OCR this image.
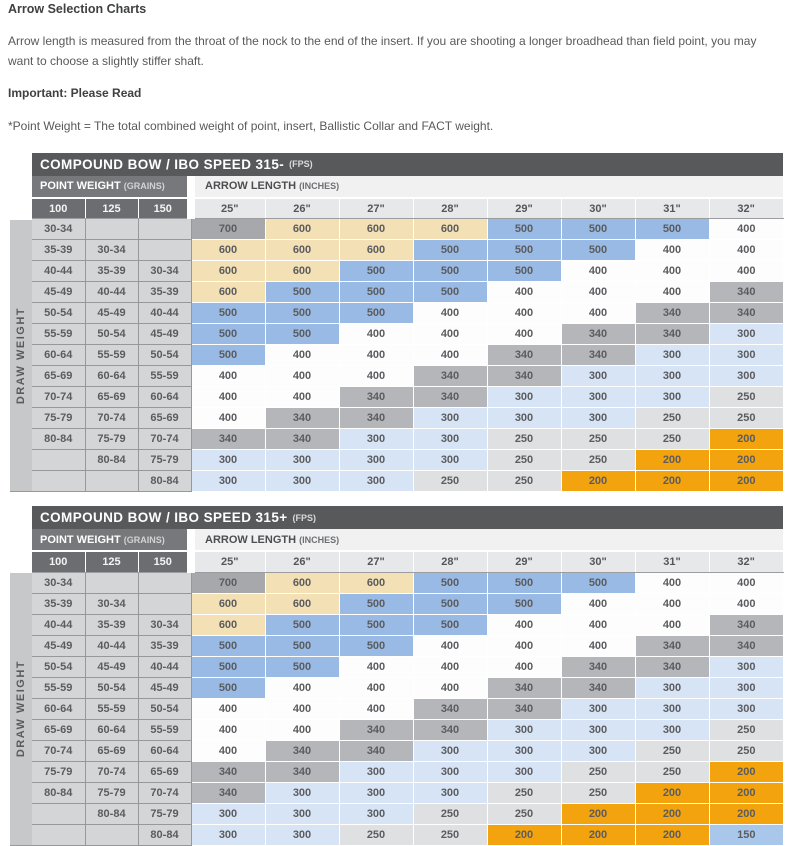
Arrow Selection Charts

Arrow length is measured from the throat of the nock to the end of the insert. If you are shooting a longer broadhead than field point, you may want to choose a slightly stiffer shaft.

Important: Please Read

*Point Weight = The total combined weight of point, insert, Ballistic Collar and FACT weight.

COMPOUND BOW / IBO SPEED 315- (FPS)
	POINT WEIGHT (GRAINS)			ARROW LENGTH (INCHES)							
	100	125	150	25"	26"	27"	28"	29"	30"	31"	32"

DRAW WEIGHT	30-34			700	600	600	600	500	500	500	400
	35-39	30-34		600	600	600	500	500	500	400	400
	40-44	35-39	30-34	600	600	500	500	500	400	400	400
	45-49	40-44	35-39	600	500	500	500	400	400	400	340
	50-54	45-49	40-44	500	500	500	400	400	400	340	340
	55-59	50-54	45-49	500	500	400	400	400	340	340	300
	60-64	55-59	50-54	500	400	400	400	340	340	300	300
	65-69	60-64	55-59	400	400	400	340	340	300	300	300
	70-74	65-69	60-64	400	400	340	340	300	300	300	250
	75-79	70-74	65-69	400	340	340	300	300	300	250	250
	80-84	75-79	70-74	340	340	300	300	250	250	250	200
		80-84	75-79	300	300	300	300	250	250	200	200
			80-84	300	300	300	250	250	200	200	200
COMPOUND BOW / IBO SPEED 315+ (FPS)
	POINT WEIGHT (GRAINS)			ARROW LENGTH (INCHES)							
	100	125	150	25"	26"	27"	28"	29"	30"	31"	32"

DRAW WEIGHT	30-34			700	600	600	500	500	500	400	400
	35-39	30-34		600	600	500	500	500	400	400	400
	40-44	35-39	30-34	600	500	500	500	400	400	400	340
	45-49	40-44	35-39	500	500	500	400	400	400	340	340
	50-54	45-49	40-44	500	500	400	400	400	340	340	300
	55-59	50-54	45-49	500	400	400	400	340	340	300	300
	60-64	55-59	50-54	400	400	400	340	340	300	300	300
	65-69	60-64	55-59	400	400	340	340	300	300	300	250
	70-74	65-69	60-64	400	340	340	300	300	300	250	250
	75-79	70-74	65-69	340	340	300	300	300	250	250	200
	80-84	75-79	70-74	340	300	300	300	250	250	200	200
		80-84	75-79	300	300	300	250	250	200	200	200
			80-84	300	300	250	250	200	200	200	150
